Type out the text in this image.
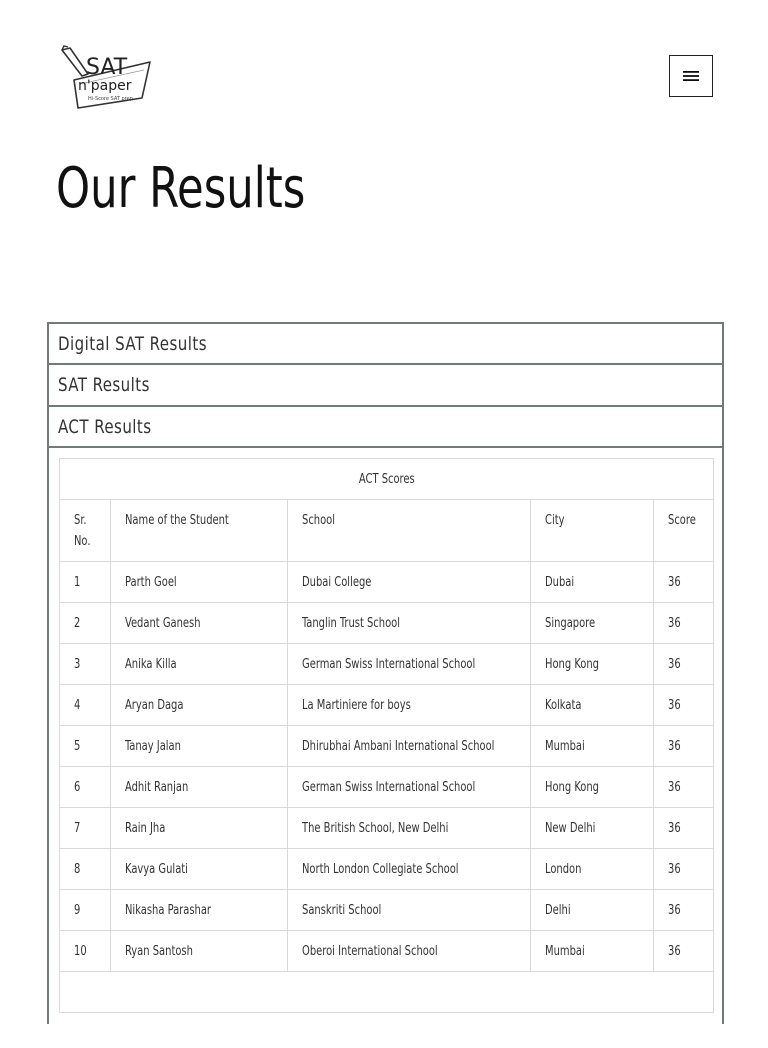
SAT
n'paper
Hi-Score SAT prep
Our Results
Digital SAT Results
SAT Results
ACT Results
ACT Scores				
Sr. No.	Name of the Student	School	City	Score
1	Parth Goel	Dubai College	Dubai	36
2	Vedant Ganesh	Tanglin Trust School	Singapore	36
3	Anika Killa	German Swiss International School	Hong Kong	36
4	Aryan Daga	La Martiniere for boys	Kolkata	36
5	Tanay Jalan	Dhirubhai Ambani International School	Mumbai	36
6	Adhit Ranjan	German Swiss International School	Hong Kong	36
7	Rain Jha	The British School, New Delhi	New Delhi	36
8	Kavya Gulati	North London Collegiate School	London	36
9	Nikasha Parashar	Sanskriti School	Delhi	36
10	Ryan Santosh	Oberoi International School	Mumbai	36
